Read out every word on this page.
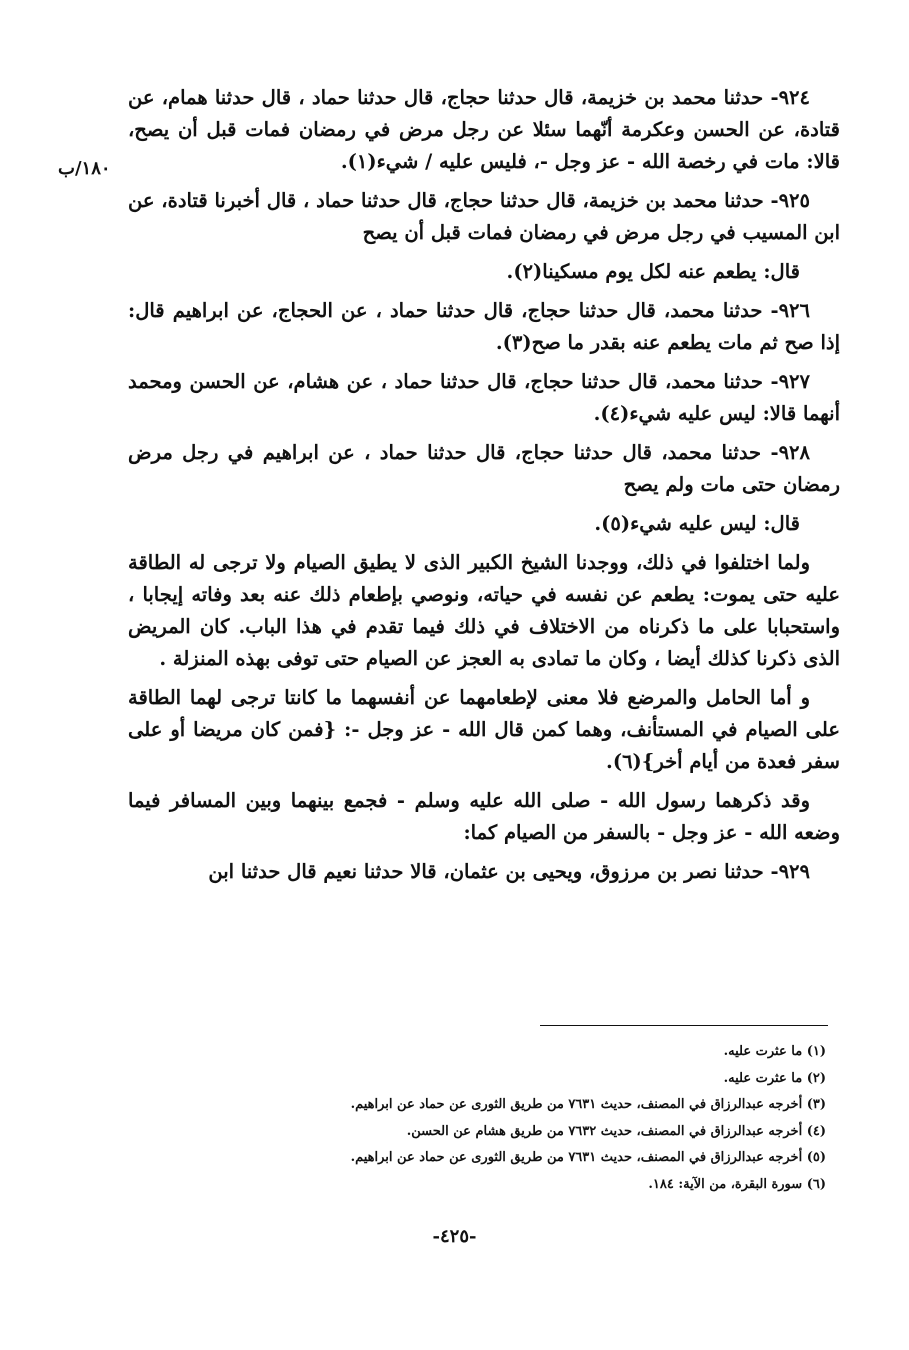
١٨٠/ب

٩٢٤- حدثنا محمد بن خزيمة، قال حدثنا حجاج، قال حدثنا حماد ، قال حدثنا همام، عن قتادة، عن الحسن وعكرمة أنّهما سئلا عن رجل مرض في رمضان فمات قبل أن يصح، قالا: مات في رخصة الله - عز وجل -، فليس عليه / شيء(١).

٩٢٥- حدثنا محمد بن خزيمة، قال حدثنا حجاج، قال حدثنا حماد ، قال أخبرنا قتادة، عن ابن المسيب في رجل مرض في رمضان فمات قبل أن يصح

قال: يطعم عنه لكل يوم مسكينا(٢).

٩٢٦- حدثنا محمد، قال حدثنا حجاج، قال حدثنا حماد ، عن الحجاج، عن ابراهيم قال: إذا صح ثم مات يطعم عنه بقدر ما صح(٣).

٩٢٧- حدثنا محمد، قال حدثنا حجاج، قال حدثنا حماد ، عن هشام، عن الحسن ومحمد أنهما قالا: ليس عليه شيء(٤).

٩٢٨- حدثنا محمد، قال حدثنا حجاج، قال حدثنا حماد ، عن ابراهيم في رجل مرض رمضان حتى مات ولم يصح

قال: ليس عليه شيء(٥).

ولما اختلفوا في ذلك، ووجدنا الشيخ الكبير الذى لا يطيق الصيام ولا ترجى له الطاقة عليه حتى يموت: يطعم عن نفسه في حياته، ونوصي بإطعام ذلك عنه بعد وفاته إيجابا ، واستحبابا على ما ذكرناه من الاختلاف في ذلك فيما تقدم في هذا الباب. كان المريض الذى ذكرنا كذلك أيضا ، وكان ما تمادى به العجز عن الصيام حتى توفى بهذه المنزلة .

و أما الحامل والمرضع فلا معنى لإطعامهما عن أنفسهما ما كانتا ترجى لهما الطاقة على الصيام في المستأنف، وهما كمن قال الله - عز وجل -: {فمن كان مريضا أو على سفر فعدة من أيام أخر}(٦).

وقد ذكرهما رسول الله - صلى الله عليه وسلم - فجمع بينهما وبين المسافر فيما وضعه الله - عز وجل - بالسفر من الصيام كما:

٩٢٩- حدثنا نصر بن مرزوق، ويحيى بن عثمان، قالا حدثنا نعيم قال حدثنا ابن

(١) ما عثرت عليه.

(٢) ما عثرت عليه.

(٣) أخرجه عبدالرزاق في المصنف، حديث ٧٦٣١ من طريق الثورى عن حماد عن ابراهيم.

(٤) أخرجه عبدالرزاق في المصنف، حديث ٧٦٣٢ من طريق هشام عن الحسن.

(٥) أخرجه عبدالرزاق في المصنف، حديث ٧٦٣١ من طريق الثورى عن حماد عن ابراهيم.

(٦) سورة البقرة، من الآية: ١٨٤.

-٤٢٥-
